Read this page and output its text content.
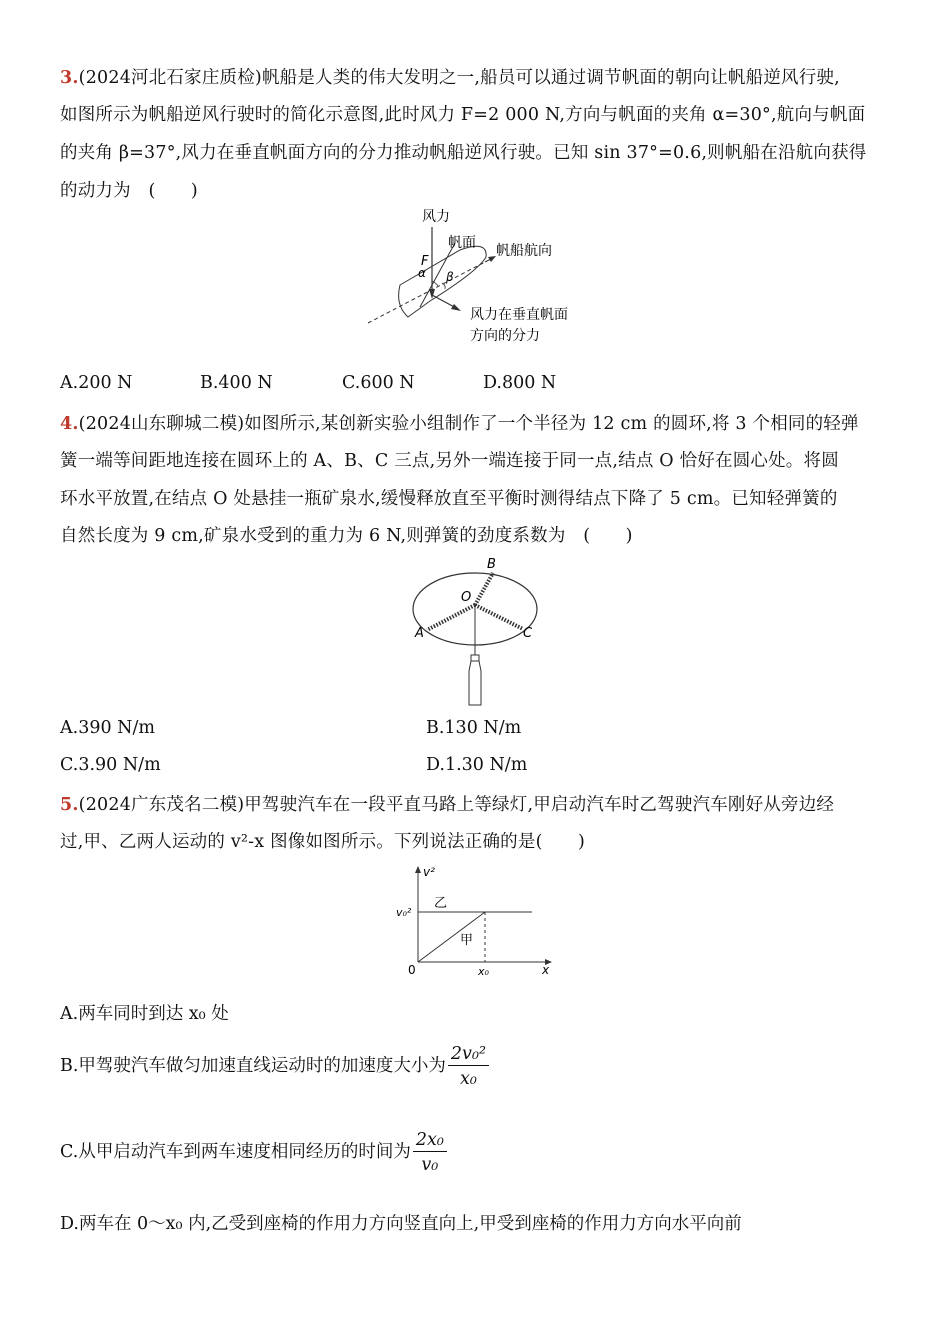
3.(2024河北石家庄质检)帆船是人类的伟大发明之一,船员可以通过调节帆面的朝向让帆船逆风行驶,
如图所示为帆船逆风行驶时的简化示意图,此时风力 F=2 000 N,方向与帆面的夹角 α=30°,航向与帆面
的夹角 β=37°,风力在垂直帆面方向的分力推动帆船逆风行驶。已知 sin 37°=0.6,则帆船在沿航向获得
的动力为　(　　)
风力
帆面 帆船航向
F
α β
风力在垂直帆面
方向的分力
A.200 N	B.400 N	C.600 N	D.800 N
4.(2024山东聊城二模)如图所示,某创新实验小组制作了一个半径为 12 cm 的圆环,将 3 个相同的轻弹
簧一端等间距地连接在圆环上的 A、B、C 三点,另外一端连接于同一点,结点 O 恰好在圆心处。将圆
环水平放置,在结点 O 处悬挂一瓶矿泉水,缓慢释放直至平衡时测得结点下降了 5 cm。已知轻弹簧的
自然长度为 9 cm,矿泉水受到的重力为 6 N,则弹簧的劲度系数为　(　　)
B
O
A	C
A.390 N/m	B.130 N/m
C.3.90 N/m	D.1.30 N/m
5.(2024广东茂名二模)甲驾驶汽车在一段平直马路上等绿灯,甲启动汽车时乙驾驶汽车刚好从旁边经
过,甲、乙两人运动的 v²-x 图像如图所示。下列说法正确的是(　　)
v²
x
0
v₀²
x₀
乙
甲
A.两车同时到达 x₀ 处
B.甲驾驶汽车做匀加速直线运动时的加速度大小为 $\frac{\text{2v₀²}}{\text{x₀}}$
C.从甲启动汽车到两车速度相同经历的时间为 $\frac{\text{2x₀}}{\text{v₀}}$
D.两车在 0～x₀ 内,乙受到座椅的作用力方向竖直向上,甲受到座椅的作用力方向水平向前
